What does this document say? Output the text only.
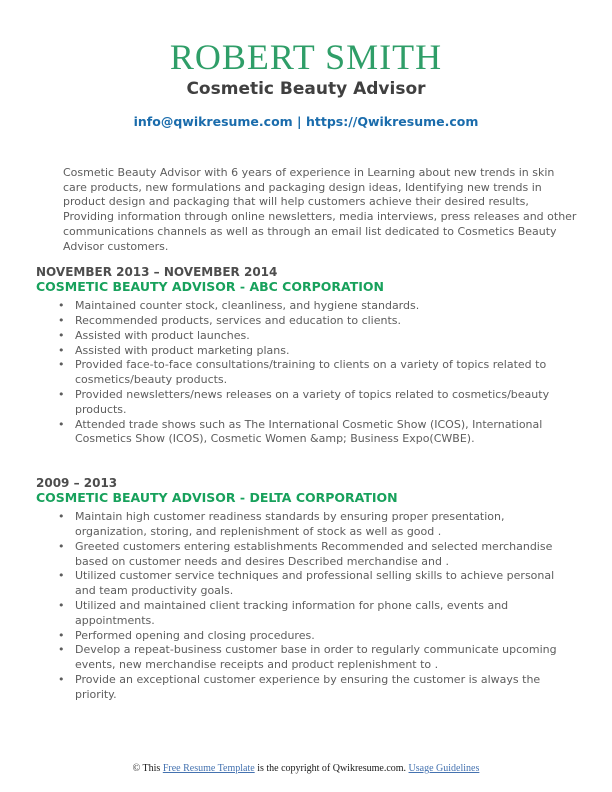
ROBERT SMITH
Cosmetic Beauty Advisor
info@qwikresume.com | https://Qwikresume.com

Cosmetic Beauty Advisor with 6 years of experience in Learning about new trends in skin care products, new formulations and packaging design ideas, Identifying new trends in product design and packaging that will help customers achieve their desired results, Providing information through online newsletters, media interviews, press releases and other communications channels as well as through an email list dedicated to Cosmetics Beauty Advisor customers.

NOVEMBER 2013 – NOVEMBER 2014
COSMETIC BEAUTY ADVISOR - ABC CORPORATION
• Maintained counter stock, cleanliness, and hygiene standards.
• Recommended products, services and education to clients.
• Assisted with product launches.
• Assisted with product marketing plans.
• Provided face-to-face consultations/training to clients on a variety of topics related to cosmetics/beauty products.
• Provided newsletters/news releases on a variety of topics related to cosmetics/beauty products.
• Attended trade shows such as The International Cosmetic Show (ICOS), International Cosmetics Show (ICOS), Cosmetic Women &amp; Business Expo(CWBE).
2009 – 2013
COSMETIC BEAUTY ADVISOR - DELTA CORPORATION
• Maintain high customer readiness standards by ensuring proper presentation, organization, storing, and replenishment of stock as well as good .
• Greeted customers entering establishments Recommended and selected merchandise based on customer needs and desires Described merchandise and .
• Utilized customer service techniques and professional selling skills to achieve personal and team productivity goals.
• Utilized and maintained client tracking information for phone calls, events and appointments.
• Performed opening and closing procedures.
• Develop a repeat-business customer base in order to regularly communicate upcoming events, new merchandise receipts and product replenishment to .
• Provide an exceptional customer experience by ensuring the customer is always the priority.
© This Free Resume Template is the copyright of Qwikresume.com. Usage Guidelines
